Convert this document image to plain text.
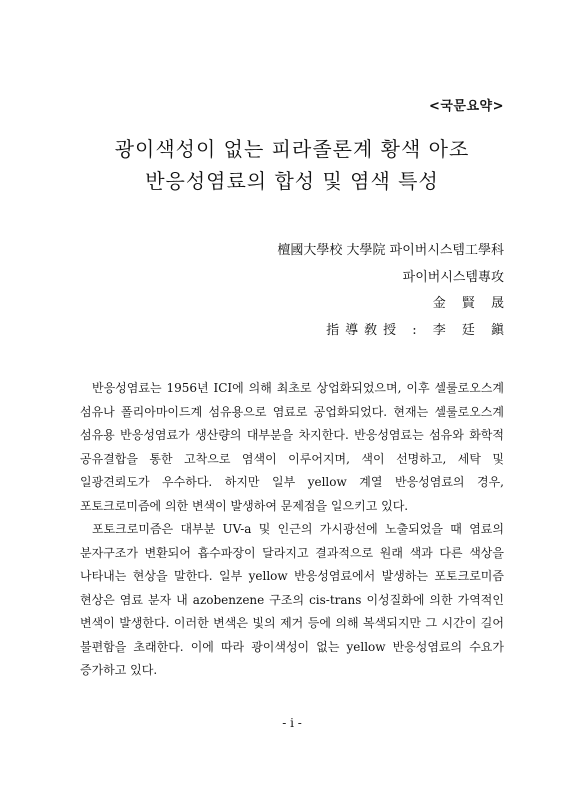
<국문요약>
광이색성이 없는 피라졸론계 황색 아조
반응성염료의 합성 및 염색 특성
檀國大學校 大學院 파이버시스템工學科
파이버시스템專攻
金 賢 晟
指導敎授 : 李 廷 鎭

반응성염료는 1956년 ICI에 의해 최초로 상업화되었으며, 이후 셀룰로오스계 섬유나 폴리아마이드계 섬유용으로 염료로 공업화되었다. 현재는 셀룰로오스계 섬유용 반응성염료가 생산량의 대부분을 차지한다. 반응성염료는 섬유와 화학적 공유결합을 통한 고착으로 염색이 이루어지며, 색이 선명하고, 세탁 및 일광견뢰도가 우수하다. 하지만 일부 yellow 계열 반응성염료의 경우, 포토크로미즘에 의한 변색이 발생하여 문제점을 일으키고 있다.

포토크로미즘은 대부분 UV-a 및 인근의 가시광선에 노출되었을 때 염료의 분자구조가 변환되어 흡수파장이 달라지고 결과적으로 원래 색과 다른 색상을 나타내는 현상을 말한다. 일부 yellow 반응성염료에서 발생하는 포토크로미즘 현상은 염료 분자 내 azobenzene 구조의 cis-trans 이성질화에 의한 가역적인 변색이 발생한다. 이러한 변색은 빛의 제거 등에 의해 복색되지만 그 시간이 길어 불편함을 초래한다. 이에 따라 광이색성이 없는 yellow 반응성염료의 수요가 증가하고 있다.

- i -
